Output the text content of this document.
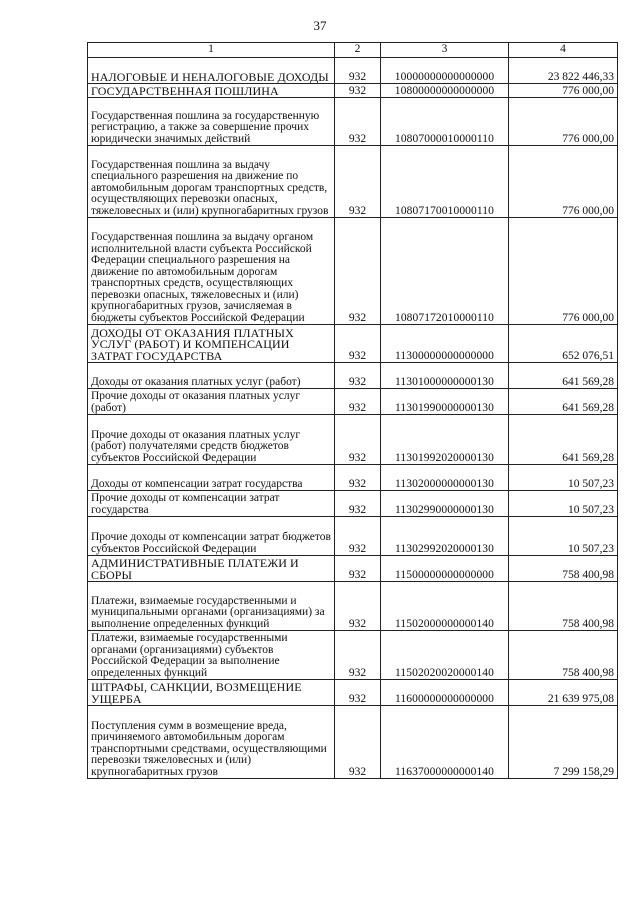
37
1	2	3	4
НАЛОГОВЫЕ И НЕНАЛОГОВЫЕ ДОХОДЫ	932	10000000000000000	23 822 446,33
ГОСУДАРСТВЕННАЯ ПОШЛИНА	932	10800000000000000	776 000,00
Государственная пошлина за государственную регистрацию, а также за совершение прочих юридически значимых действий	932	10807000010000110	776 000,00
Государственная пошлина за выдачу специального разрешения на движение по автомобильным дорогам транспортных средств, осуществляющих перевозки опасных, тяжеловесных и (или) крупногабаритных грузов	932	10807170010000110	776 000,00
Государственная пошлина за выдачу органом исполнительной власти субъекта Российской Федерации специального разрешения на движение по автомобильным дорогам транспортных средств, осуществляющих перевозки опасных, тяжеловесных и (или) крупногабаритных грузов, зачисляемая в бюджеты субъектов Российской Федерации	932	10807172010000110	776 000,00
ДОХОДЫ ОТ ОКАЗАНИЯ ПЛАТНЫХ УСЛУГ (РАБОТ) И КОМПЕНСАЦИИ ЗАТРАТ ГОСУДАРСТВА	932	11300000000000000	652 076,51
Доходы от оказания платных услуг (работ)	932	11301000000000130	641 569,28
Прочие доходы от оказания платных услуг (работ)	932	11301990000000130	641 569,28
Прочие доходы от оказания платных услуг (работ) получателями средств бюджетов субъектов Российской Федерации	932	11301992020000130	641 569,28
Доходы от компенсации затрат государства	932	11302000000000130	10 507,23
Прочие доходы от компенсации затрат государства	932	11302990000000130	10 507,23
Прочие доходы от компенсации затрат бюджетов субъектов Российской Федерации	932	11302992020000130	10 507,23
АДМИНИСТРАТИВНЫЕ ПЛАТЕЖИ И СБОРЫ	932	11500000000000000	758 400,98
Платежи, взимаемые государственными и муниципальными органами (организациями) за выполнение определенных функций	932	11502000000000140	758 400,98
Платежи, взимаемые государственными органами (организациями) субъектов Российской Федерации за выполнение определенных функций	932	11502020020000140	758 400,98
ШТРАФЫ, САНКЦИИ, ВОЗМЕЩЕНИЕ УЩЕРБА	932	11600000000000000	21 639 975,08
Поступления сумм в возмещение вреда, причиняемого автомобильным дорогам транспортными средствами, осуществляющими перевозки тяжеловесных и (или) крупногабаритных грузов	932	11637000000000140	7 299 158,29
